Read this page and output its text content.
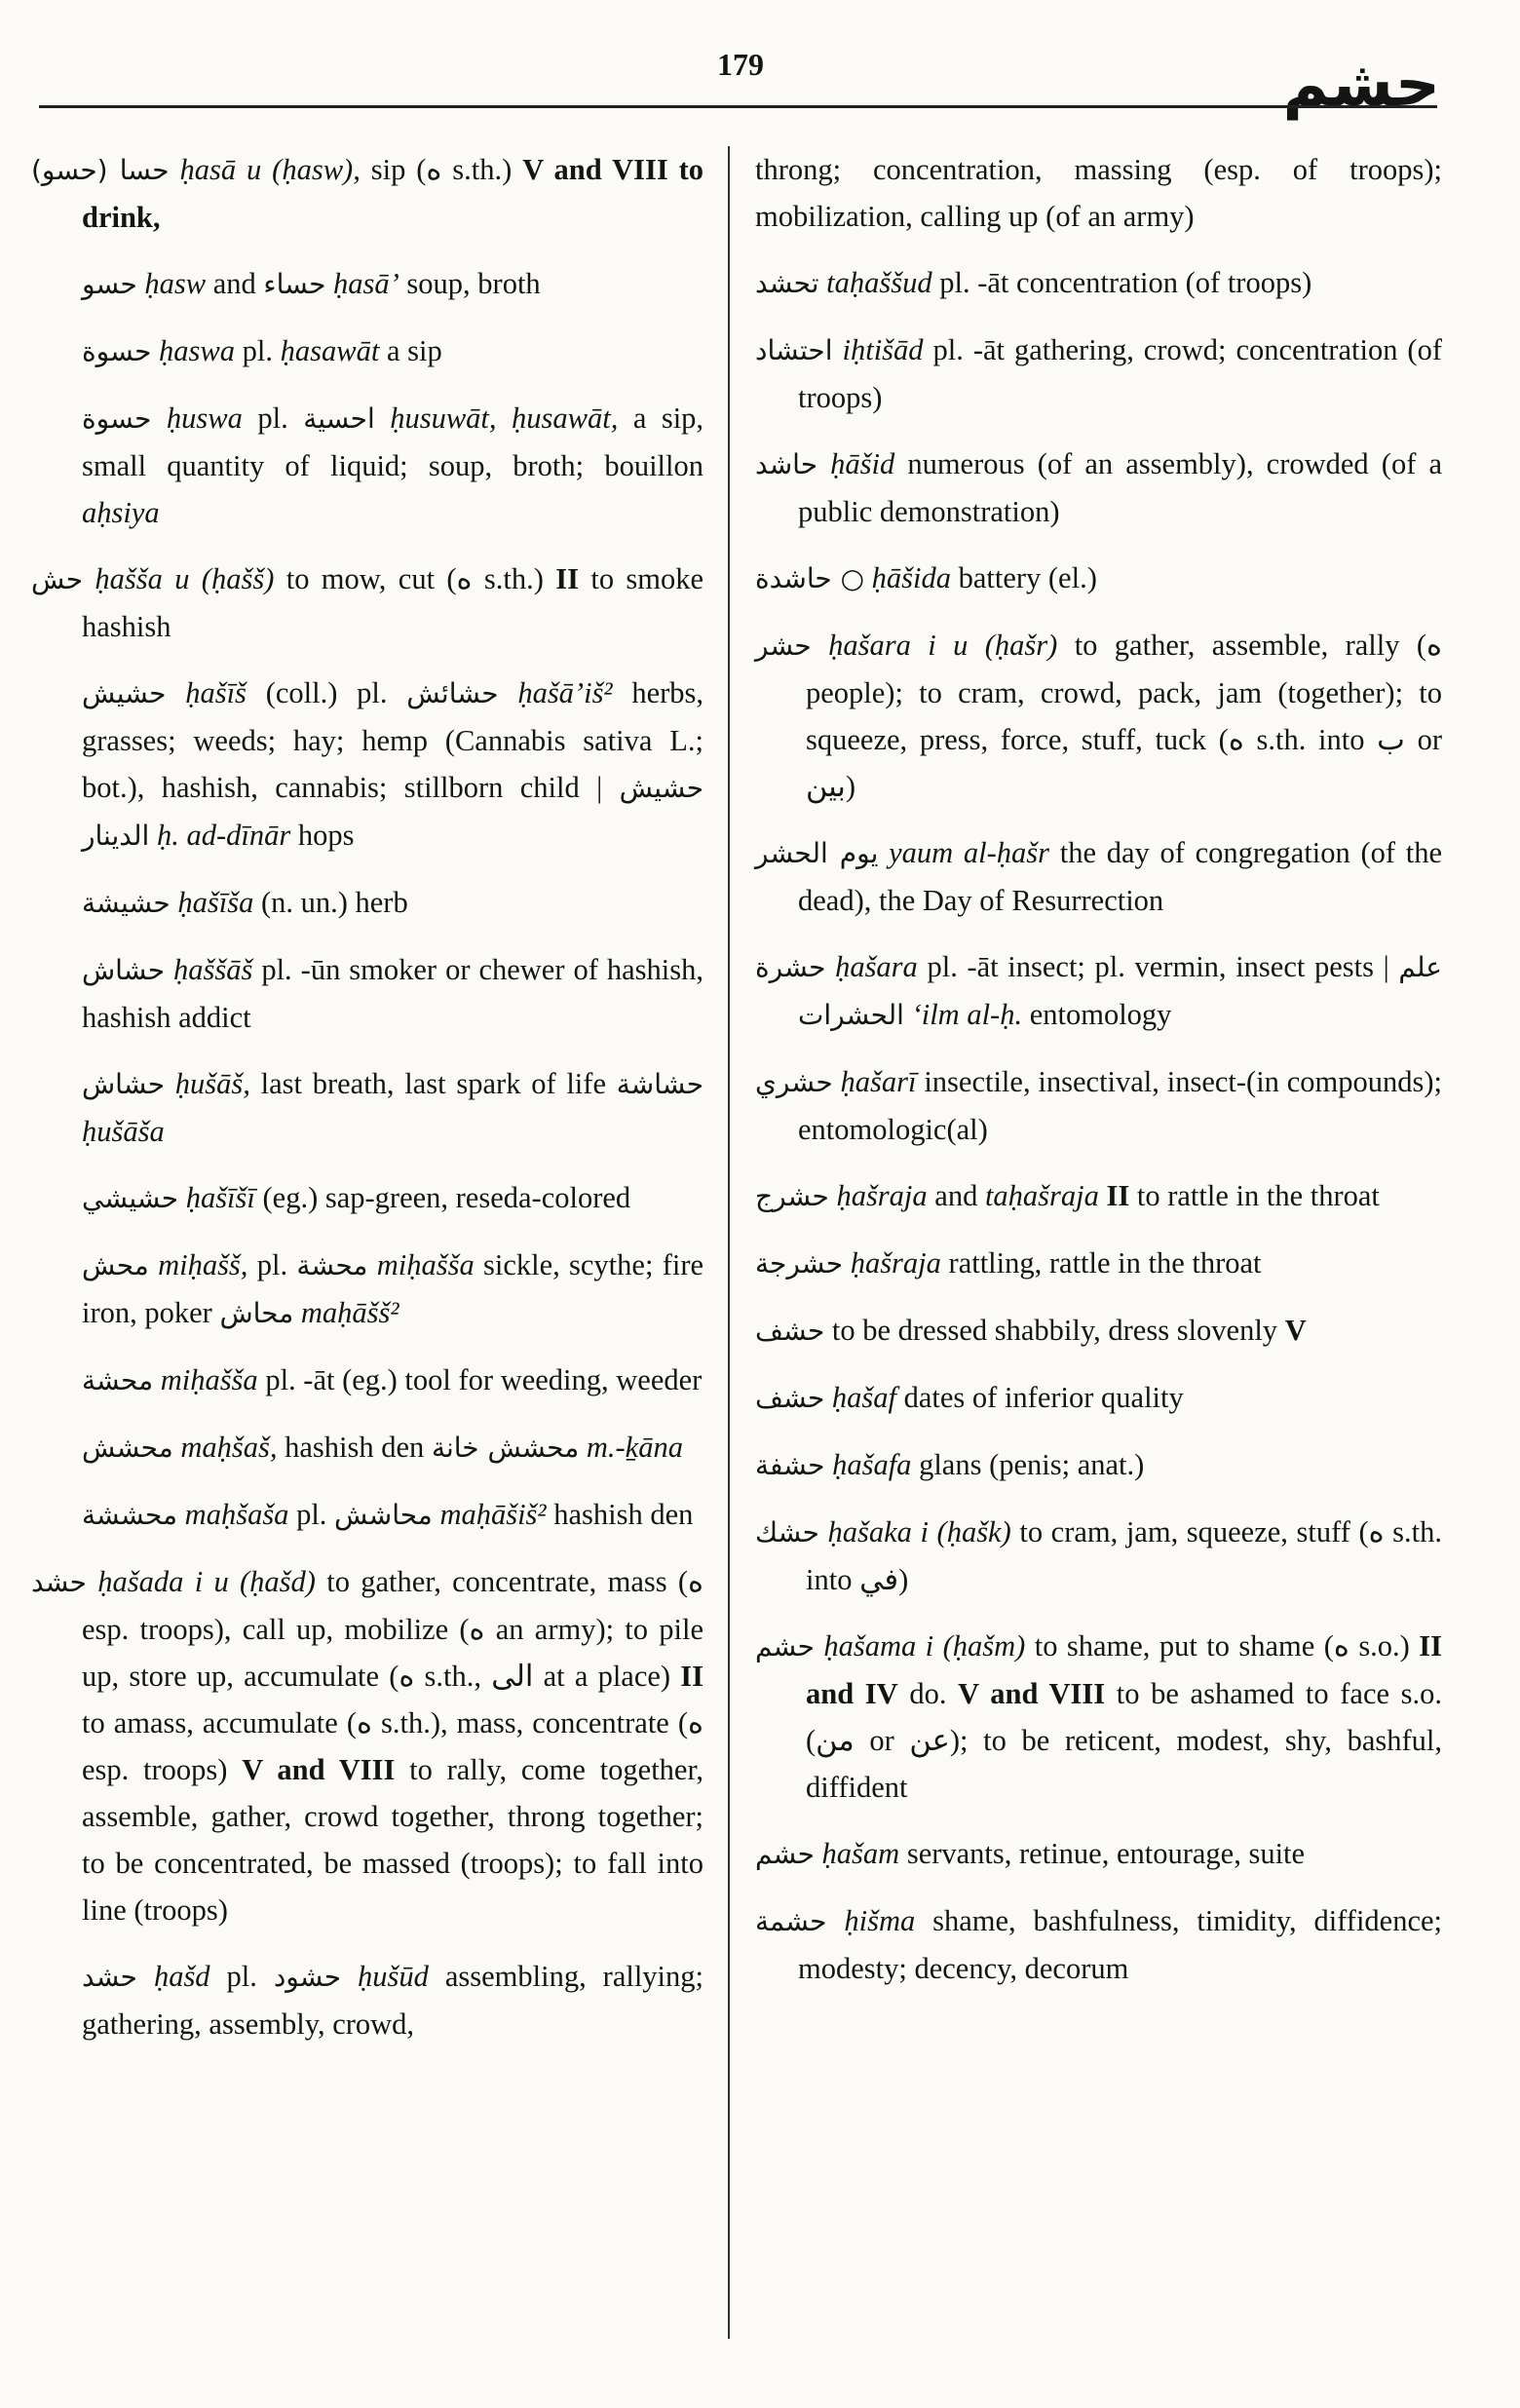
179	حشم
حسا (حسو) ḥasā u (ḥasw), sip (ه s.th.) V and VIII to drink,
حسو ḥasw and حساء ḥasā’ soup, broth
حسوة ḥaswa pl. ḥasawāt a sip
حسوة ḥuswa pl. احسية ḥusuwāt, ḥusawāt, a sip, small quantity of liquid; soup, broth; bouillon aḥsiya
حش ḥašša u (ḥašš) to mow, cut (ه s.th.) II to smoke hashish
حشيش ḥašīš (coll.) pl. حشائش ḥašā’iš² herbs, grasses; weeds; hay; hemp (Cannabis sativa L.; bot.), hashish, cannabis; stillborn child | حشيش الدينار ḥ. ad-dīnār hops
حشيشة ḥašīša (n. un.) herb
حشاش ḥaššāš pl. -ūn smoker or chewer of hashish, hashish addict
حشاش ḥušāš, last breath, last spark of life حشاشة ḥušāša
حشيشي ḥašīšī (eg.) sap-green, reseda-colored
محش miḥašš, pl. محشة miḥašša sickle, scythe; fire iron, poker محاش maḥāšš²
محشة miḥašša pl. -āt (eg.) tool for weeding, weeder
محشش maḥšaš, hashish den محشش خانة m.-ḵāna
محششة maḥšaša pl. محاشش maḥāšiš² hashish den
حشد ḥašada i u (ḥašd) to gather, concentrate, mass (ه esp. troops), call up, mobilize (ه an army); to pile up, store up, accumulate (ه s.th., الى at a place) II to amass, accumulate (ه s.th.), mass, concentrate (ه esp. troops) V and VIII to rally, come together, assemble, gather, crowd together, throng together; to be concentrated, be massed (troops); to fall into line (troops)
حشد ḥašd pl. حشود ḥušūd assembling, rallying; gathering, assembly, crowd,
throng; concentration, massing (esp. of troops); mobilization, calling up (of an army)
تحشد taḥaššud pl. -āt concentration (of troops)
احتشاد iḥtišād pl. -āt gathering, crowd; concentration (of troops)
حاشد ḥāšid numerous (of an assembly), crowded (of a public demonstration)
○ حاشدة ḥāšida battery (el.)
حشر ḥašara i u (ḥašr) to gather, assemble, rally (ه people); to cram, crowd, pack, jam (together); to squeeze, press, force, stuff, tuck (ه s.th. into ب or بين)
يوم الحشر yaum al-ḥašr the day of congregation (of the dead), the Day of Resurrection
حشرة ḥašara pl. -āt insect; pl. vermin, insect pests | علم الحشرات ‘ilm al-ḥ. entomology
حشري ḥašarī insectile, insectival, insect-(in compounds); entomologic(al)
حشرج ḥašraja and taḥašraja II to rattle in the throat
حشرجة ḥašraja rattling, rattle in the throat
حشف to be dressed shabbily, dress slovenly V
حشف ḥašaf dates of inferior quality
حشفة ḥašafa glans (penis; anat.)
حشك ḥašaka i (ḥašk) to cram, jam, squeeze, stuff (ه s.th. into في)
حشم ḥašama i (ḥašm) to shame, put to shame (ه s.o.) II and IV do. V and VIII to be ashamed to face s.o. (من or عن); to be reticent, modest, shy, bashful, diffident
حشم ḥašam servants, retinue, entourage, suite
حشمة ḥišma shame, bashfulness, timidity, diffidence; modesty; decency, decorum
